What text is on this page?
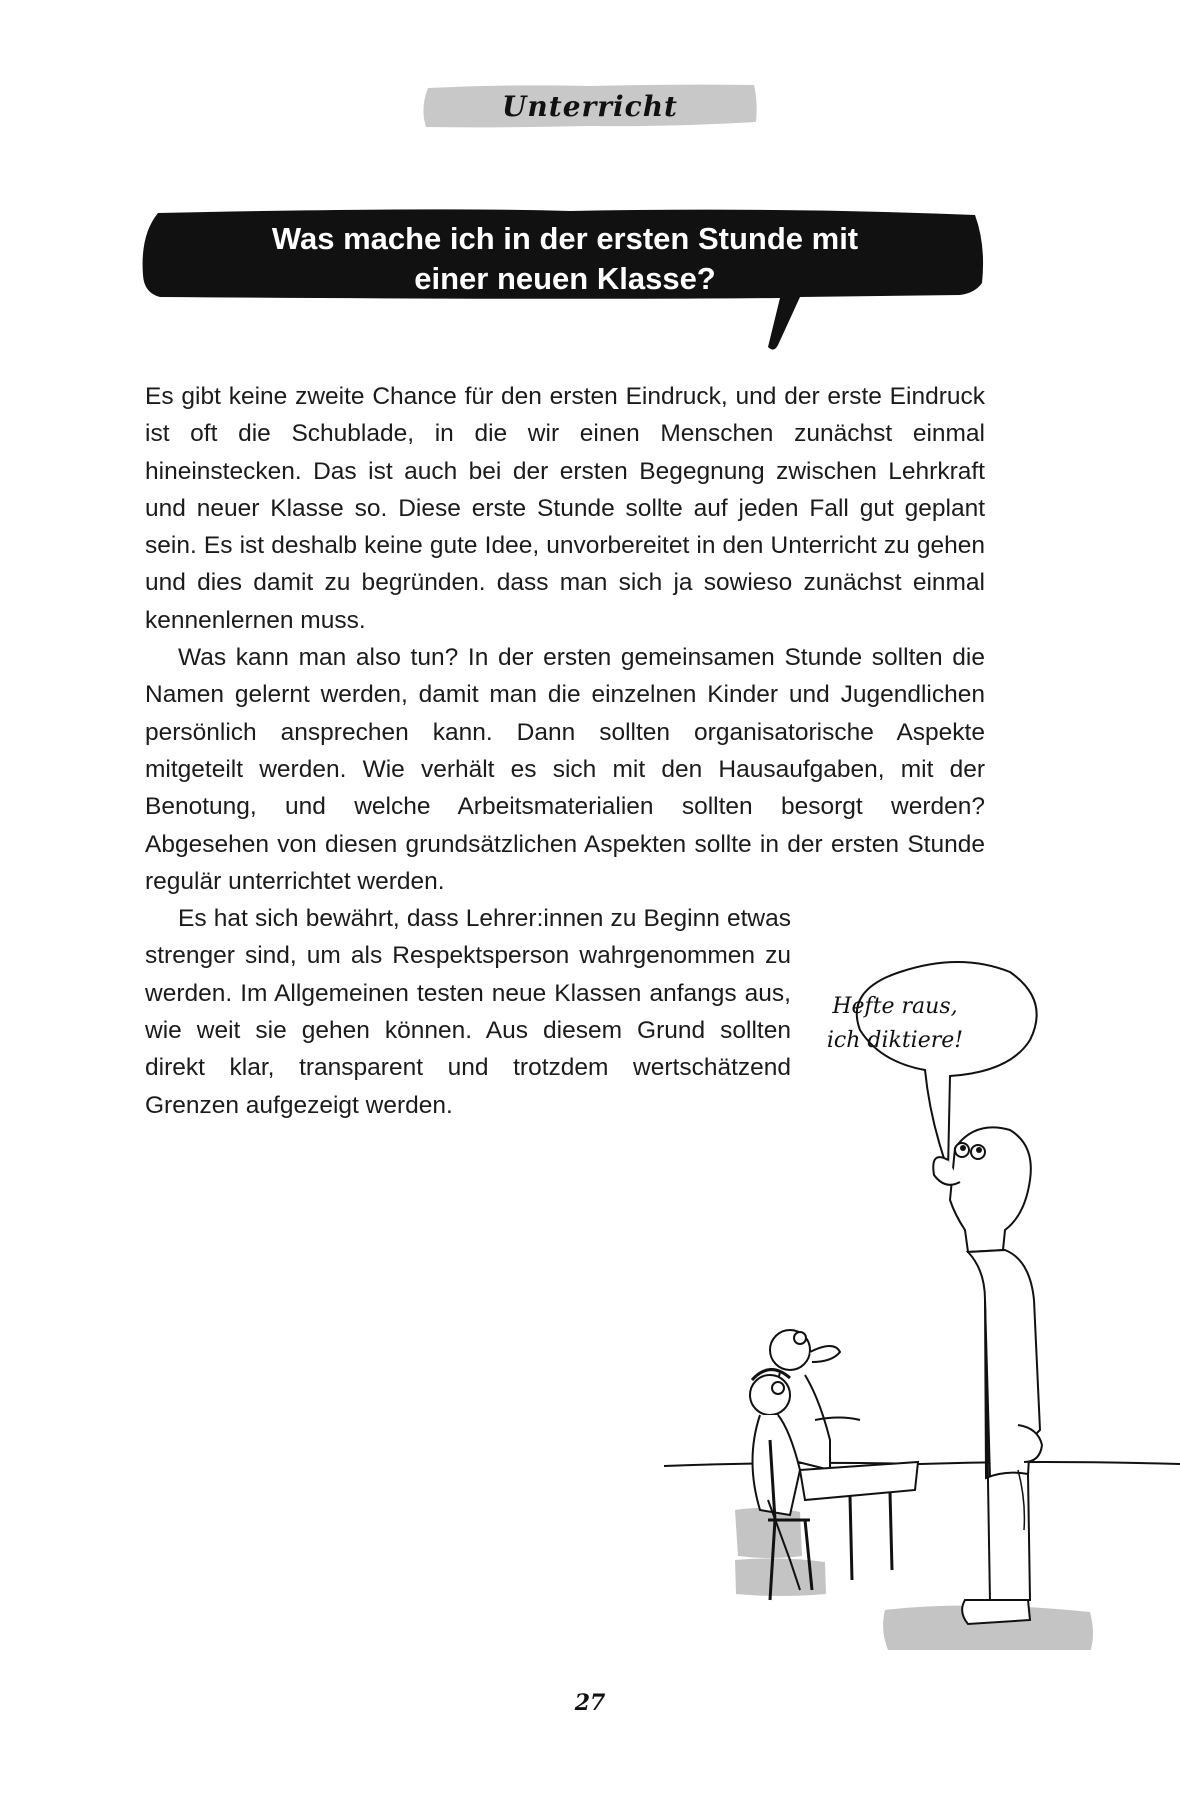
Unterricht
Was mache ich in der ersten Stunde mit
einer neuen Klasse?

Es gibt keine zweite Chance für den ersten Eindruck, und der erste Eindruck ist oft die Schublade, in die wir einen Menschen zunächst einmal hineinstecken. Das ist auch bei der ersten Begegnung zwischen Lehrkraft und neuer Klasse so. Diese erste Stunde sollte auf jeden Fall gut geplant sein. Es ist deshalb keine gute Idee, unvorbereitet in den Unterricht zu gehen und dies damit zu begründen. dass man sich ja sowieso zunächst einmal kennenlernen muss.

Was kann man also tun? In der ersten gemeinsamen Stunde sollten die Namen gelernt werden, damit man die einzelnen Kinder und Jugendlichen persönlich ansprechen kann. Dann sollten organisatorische Aspekte mitgeteilt werden. Wie verhält es sich mit den Hausaufgaben, mit der Benotung, und welche Arbeitsmaterialien sollten besorgt werden? Abgesehen von diesen grundsätzlichen Aspekten sollte in der ersten Stunde regulär unterrichtet werden.

Es hat sich bewährt, dass Lehrer:innen zu Beginn etwas strenger sind, um als Respektsperson wahrgenommen zu werden. Im Allgemeinen testen neue Klassen anfangs aus, wie weit sie gehen können. Aus diesem Grund sollten direkt klar, transparent und trotzdem wertschätzend Grenzen aufgezeigt werden.

Hefte raus,
ich diktiere!
27
